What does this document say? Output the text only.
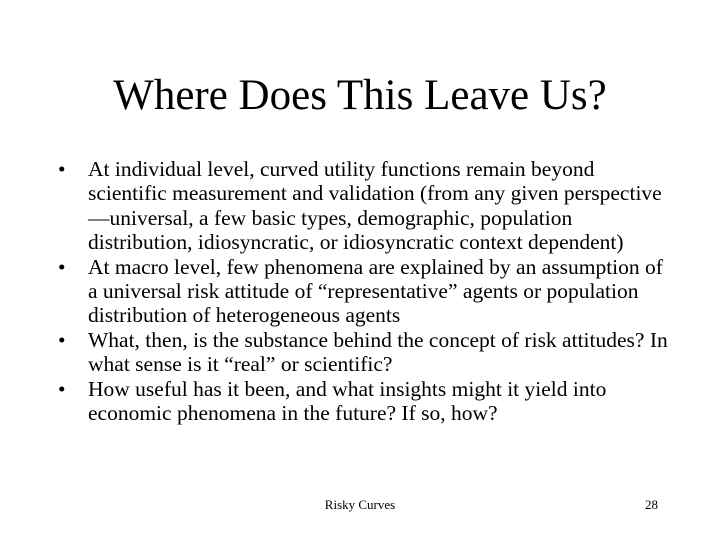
Where Does This Leave Us?
• At individual level, curved utility functions remain beyond scientific measurement and validation (from any given perspective—universal, a few basic types, demographic, population distribution, idiosyncratic, or idiosyncratic context dependent)
• At macro level, few phenomena are explained by an assumption of a universal risk attitude of “representative” agents or population distribution of heterogeneous agents
• What, then, is the substance behind the concept of risk attitudes? In what sense is it “real” or scientific?
• How useful has it been, and what insights might it yield into economic phenomena in the future? If so, how?
Risky Curves	28
